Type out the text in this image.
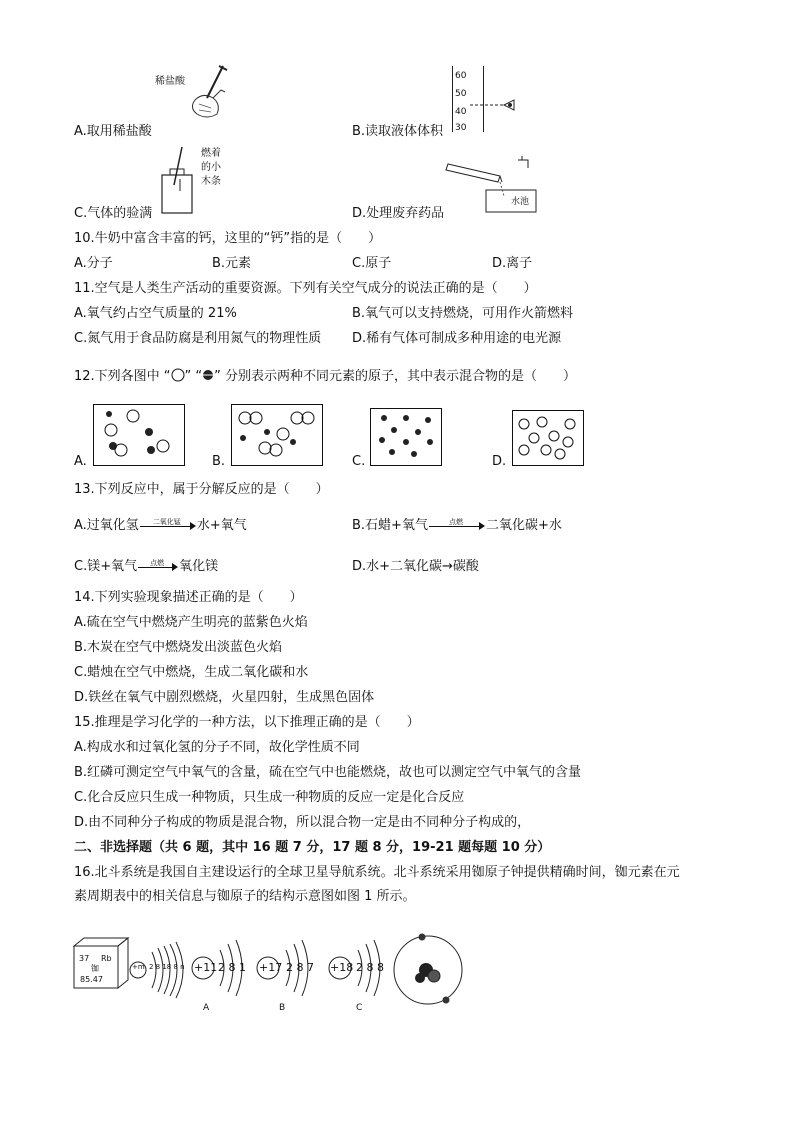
稀盐酸
A.取用稀盐酸
60
50
40
30
B.读取液体体积
燃着
的小
木条
C.气体的验满
水池
D.处理废弃药品
10.牛奶中富含丰富的钙，这里的“钙”指的是（　　）
A.分子	B.元素	C.原子	D.离子
11.空气是人类生产活动的重要资源。下列有关空气成分的说法正确的是（　　）
A.氧气约占空气质量的 21%	B.氧气可以支持燃烧，可用作火箭燃料
C.氮气用于食品防腐是利用氮气的物理性质 D.稀有气体可制成多种用途的电光源
12.下列各图中 “ ” “ ” 分别表示两种不同元素的原子，其中表示混合物的是（　　）
A.	B.	C.	D.
13.下列反应中，属于分解反应的是（　　）
A.过氧化氢	二氧化锰	水+氧气	B.石蜡+氧气	点燃	二氧化碳+水
C.镁+氧气	点燃	氧化镁	D.水+二氧化碳→碳酸
14.下列实验现象描述正确的是（　　）
A.硫在空气中燃烧产生明亮的蓝紫色火焰
B.木炭在空气中燃烧发出淡蓝色火焰
C.蜡烛在空气中燃烧，生成二氧化碳和水
D.铁丝在氧气中剧烈燃烧，火星四射，生成黑色固体
15.推理是学习化学的一种方法，以下推理正确的是（　　）
A.构成水和过氧化氢的分子不同，故化学性质不同
B.红磷可测定空气中氧气的含量，硫在空气中也能燃烧，故也可以测定空气中氧气的含量
C.化合反应只生成一种物质，只生成一种物质的反应一定是化合反应
D.由不同种分子构成的物质是混合物，所以混合物一定是由不同种分子构成的，
二、非选择题（共 6 题，其中 16 题 7 分，17 题 8 分，19-21 题每题 10 分）
16.北斗系统是我国自主建设运行的全球卫星导航系统。北斗系统采用铷原子钟提供精确时间，铷元素在元
素周期表中的相关信息与铷原子的结构示意图如图 1 所示。
37 Rb
铷
85.47
+m 2 8 18 8 n +11 2 8 1
A
+17 2 8 7
B
+18 2 8 8
C
